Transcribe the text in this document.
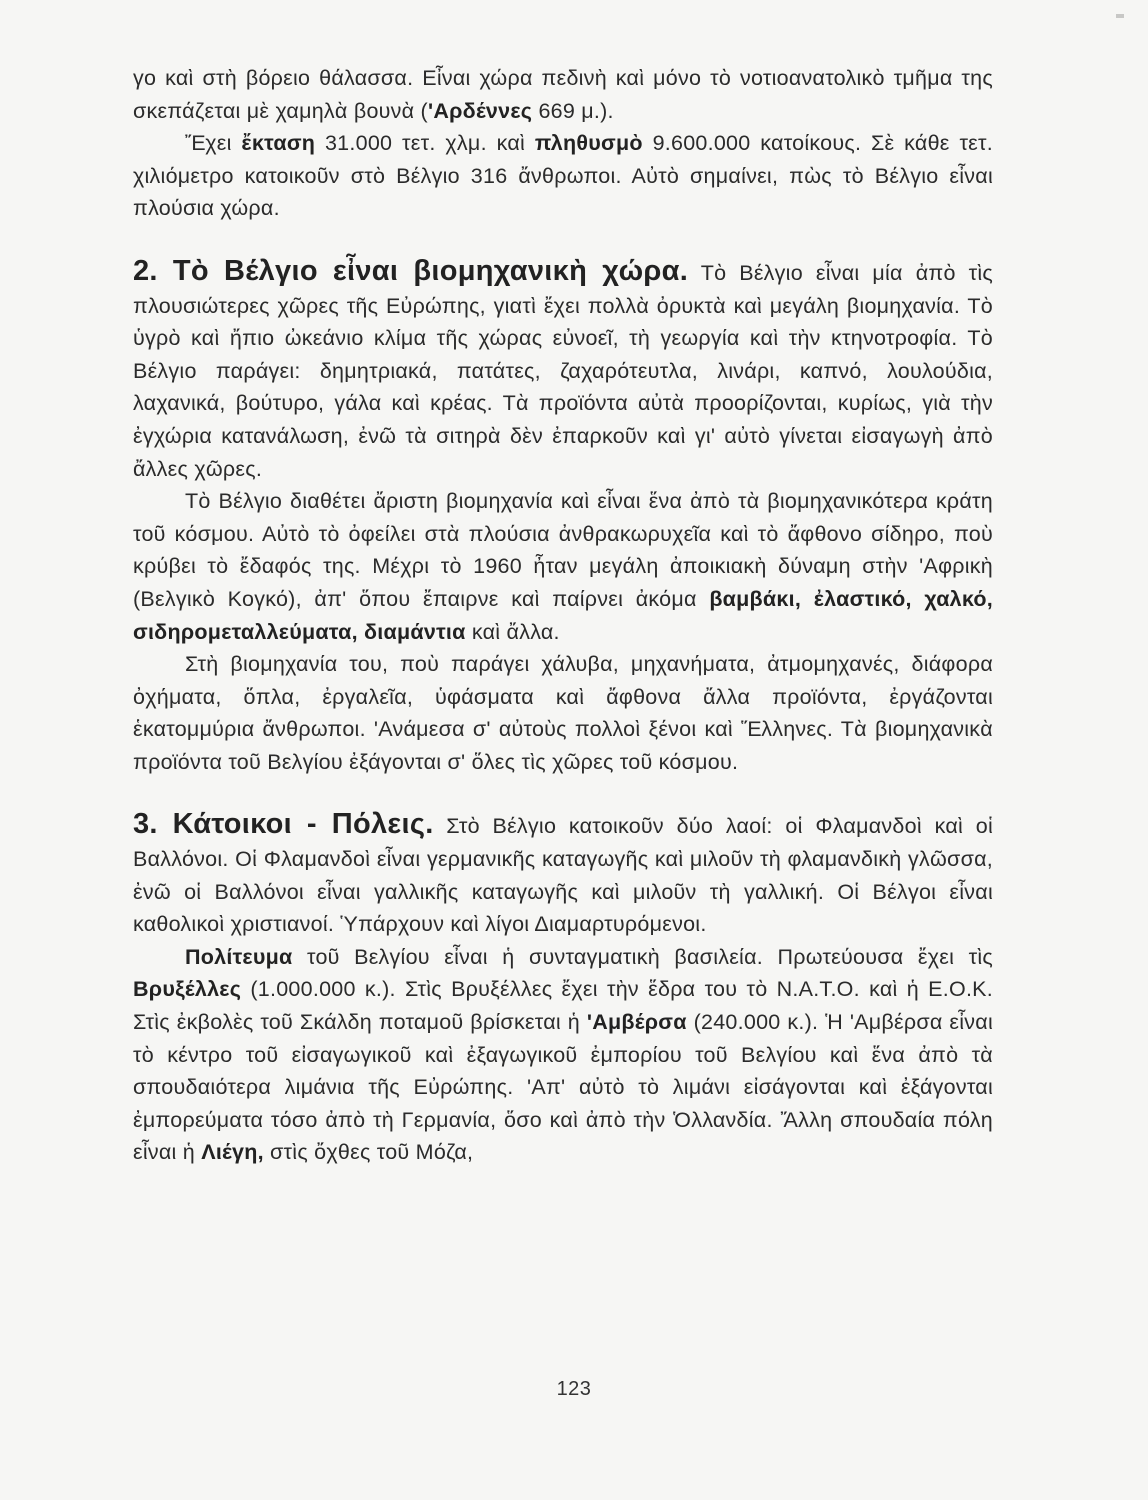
γο καὶ στὴ βόρειο θάλασσα. Εἶναι χώρα πεδινὴ καὶ μόνο τὸ νοτιοανατολικὸ τμῆμα της σκεπάζεται μὲ χαμηλὰ βουνὰ ('Αρδέννες 669 μ.).

Ἔχει ἔκταση 31.000 τετ. χλμ. καὶ πληθυσμὸ 9.600.000 κατοίκους. Σὲ κάθε τετ. χιλιόμετρο κατοικοῦν στὸ Βέλγιο 316 ἄνθρωποι. Αὐτὸ σημαίνει, πὼς τὸ Βέλγιο εἶναι πλούσια χώρα.

2. Τὸ Βέλγιο εἶναι βιομηχανικὴ χώρα. Τὸ Βέλγιο εἶναι μία ἀπὸ τὶς πλουσιώτερες χῶρες τῆς Εὐρώπης, γιατὶ ἔχει πολλὰ ὀρυκτὰ καὶ μεγάλη βιομηχανία. Τὸ ὑγρὸ καὶ ἤπιο ὠκεάνιο κλίμα τῆς χώρας εὐνοεῖ, τὴ γεωργία καὶ τὴν κτηνοτροφία. Τὸ Βέλγιο παράγει: δημητριακά, πατάτες, ζαχαρότευτλα, λινάρι, καπνό, λουλούδια, λαχανικά, βούτυρο, γάλα καὶ κρέας. Τὰ προϊόντα αὐτὰ προορίζονται, κυρίως, γιὰ τὴν ἐγχώρια κατανάλωση, ἐνῶ τὰ σιτηρὰ δὲν ἐπαρκοῦν καὶ γι' αὐτὸ γίνεται εἰσαγωγὴ ἀπὸ ἄλλες χῶρες.

Τὸ Βέλγιο διαθέτει ἄριστη βιομηχανία καὶ εἶναι ἕνα ἀπὸ τὰ βιομηχανικότερα κράτη τοῦ κόσμου. Αὐτὸ τὸ ὀφείλει στὰ πλούσια ἀνθρακωρυχεῖα καὶ τὸ ἄφθονο σίδηρο, ποὺ κρύβει τὸ ἔδαφός της. Μέχρι τὸ 1960 ἦταν μεγάλη ἀποικιακὴ δύναμη στὴν 'Αφρικὴ (Βελγικὸ Κογκό), ἀπ' ὅπου ἔπαιρνε καὶ παίρνει ἀκόμα βαμβάκι, ἐλαστικό, χαλκό, σιδηρομεταλλεύματα, διαμάντια καὶ ἄλλα.

Στὴ βιομηχανία του, ποὺ παράγει χάλυβα, μηχανήματα, ἀτμομηχανές, διάφορα ὀχήματα, ὅπλα, ἐργαλεῖα, ὑφάσματα καὶ ἄφθονα ἄλλα προϊόντα, ἐργάζονται ἑκατομμύρια ἄνθρωποι. 'Ανάμεσα σ' αὐτοὺς πολλοὶ ξένοι καὶ Ἕλληνες. Τὰ βιομηχανικὰ προϊόντα τοῦ Βελγίου ἐξάγονται σ' ὅλες τὶς χῶρες τοῦ κόσμου.

3. Κάτοικοι - Πόλεις. Στὸ Βέλγιο κατοικοῦν δύο λαοί: οἱ Φλαμανδοὶ καὶ οἱ Βαλλόνοι. Οἱ Φλαμανδοὶ εἶναι γερμανικῆς καταγωγῆς καὶ μιλοῦν τὴ φλαμανδικὴ γλῶσσα, ἐνῶ οἱ Βαλλόνοι εἶναι γαλλικῆς καταγωγῆς καὶ μιλοῦν τὴ γαλλική. Οἱ Βέλγοι εἶναι καθολικοὶ χριστιανοί. Ὑπάρχουν καὶ λίγοι Διαμαρτυρόμενοι.

Πολίτευμα τοῦ Βελγίου εἶναι ἡ συνταγματικὴ βασιλεία. Πρωτεύουσα ἔχει τὶς Βρυξέλλες (1.000.000 κ.). Στὶς Βρυξέλλες ἔχει τὴν ἕδρα του τὸ Ν.Α.Τ.Ο. καὶ ἡ Ε.Ο.Κ. Στὶς ἐκβολὲς τοῦ Σκάλδη ποταμοῦ βρίσκεται ἡ 'Αμβέρσα (240.000 κ.). Ἡ 'Αμβέρσα εἶναι τὸ κέντρο τοῦ εἰσαγωγικοῦ καὶ ἐξαγωγικοῦ ἐμπορίου τοῦ Βελγίου καὶ ἕνα ἀπὸ τὰ σπουδαιότερα λιμάνια τῆς Εὐρώπης. 'Απ' αὐτὸ τὸ λιμάνι εἰσάγονται καὶ ἐξάγονται ἐμπορεύματα τόσο ἀπὸ τὴ Γερμανία, ὅσο καὶ ἀπὸ τὴν Ὁλλανδία. Ἄλλη σπουδαία πόλη εἶναι ἡ Λιέγη, στὶς ὄχθες τοῦ Μόζα,

123
